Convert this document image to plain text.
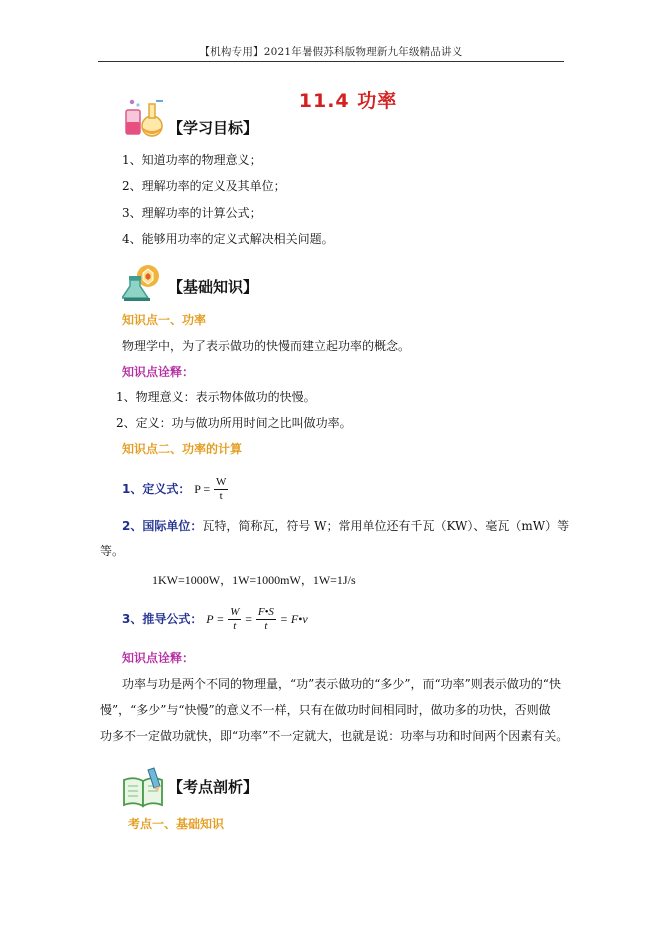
【机构专用】2021年暑假苏科版物理新九年级精品讲义
11.4 功率
【学习目标】
1、知道功率的物理意义；
2、理解功率的定义及其单位；
3、理解功率的计算公式；
4、能够用功率的定义式解决相关问题。
【基础知识】
知识点一、功率
物理学中，为了表示做功的快慢而建立起功率的概念。
知识点诠释：
1、物理意义：表示物体做功的快慢。
2、定义：功与做功所用时间之比叫做功率。
知识点二、功率的计算
1、定义式： $P = \frac{W}{t}$
2、国际单位：瓦特，简称瓦，符号 W；常用单位还有千瓦（KW）、毫瓦（mW）等
等。
1KW=1000W，1W=1000mW，1W=1J/s
3、推导公式： $P = \frac{W}{t} = \frac{F•S}{t}$ = F•v
知识点诠释：
功率与功是两个不同的物理量，“功”表示做功的“多少”，而“功率”则表示做功的“快
慢”，“多少”与“快慢”的意义不一样，只有在做功时间相同时，做功多的功快，否则做
功多不一定做功就快，即“功率”不一定就大，也就是说：功率与功和时间两个因素有关。
【考点剖析】
考点一、基础知识
